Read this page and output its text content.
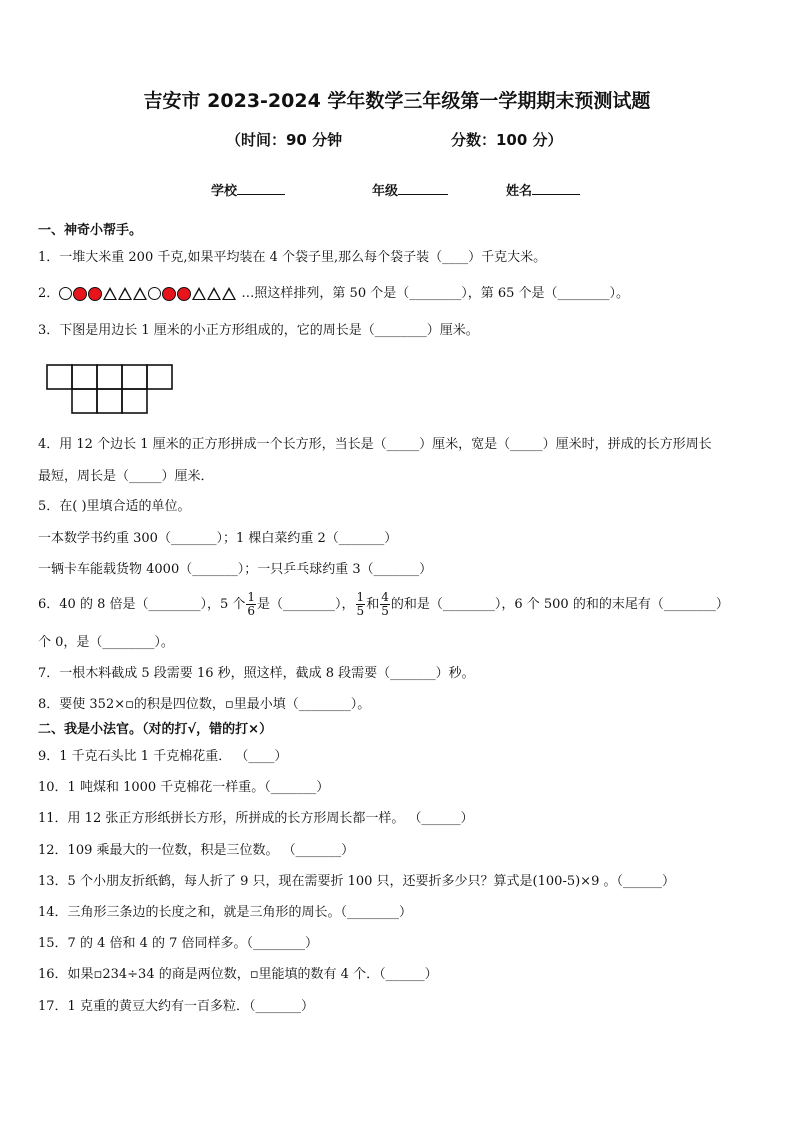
吉安市 2023-2024 学年数学三年级第一学期期末预测试题
（时间：90 分钟	分数：100 分）
学校	年级	姓名
一、神奇小帮手。
1．一堆大米重 200 千克,如果平均装在 4 个袋子里,那么每个袋子装（____）千克大米。
2．	…照这样排列，第 50 个是（________），第 65 个是（________）。
3．下图是用边长 1 厘米的小正方形组成的，它的周长是（________）厘米。
4．用 12 个边长 1 厘米的正方形拼成一个长方形，当长是（_____）厘米，宽是（_____）厘米时，拼成的长方形周长
最短，周长是（_____）厘米．
5．在( )里填合适的单位。
一本数学书约重 300（_______）；1 棵白菜约重 2（_______）
一辆卡车能载货物 4000（_______）；一只乒乓球约重 3（_______）
6．40 的 8 倍是（________），5 个 $\frac{1}{6}$ 是（________）， $\frac{1}{5}$ 和 $\frac{4}{5}$ 的和是（________），6 个 500 的和的末尾有（________）
个 0，是（________）。
7．一根木料截成 5 段需要 16 秒，照这样，截成 8 段需要（_______）秒。
8．要使 352×▫的积是四位数，▫里最小填（________）。
二、我是小法官。（对的打√，错的打×）
9．1 千克石头比 1 千克棉花重． （____）
10．1 吨煤和 1000 千克棉花一样重。（_______）
11．用 12 张正方形纸拼长方形，所拼成的长方形周长都一样。 （______）
12．109 乘最大的一位数，积是三位数。 （_______）
13．5 个小朋友折纸鹤，每人折了 9 只，现在需要折 100 只，还要折多少只？算式是(100-5)×9 。（______）
14．三角形三条边的长度之和，就是三角形的周长。（________）
15．7 的 4 倍和 4 的 7 倍同样多。（________）
16．如果▫234÷34 的商是两位数，▫里能填的数有 4 个．（______）
17．1 克重的黄豆大约有一百多粒．（_______）
